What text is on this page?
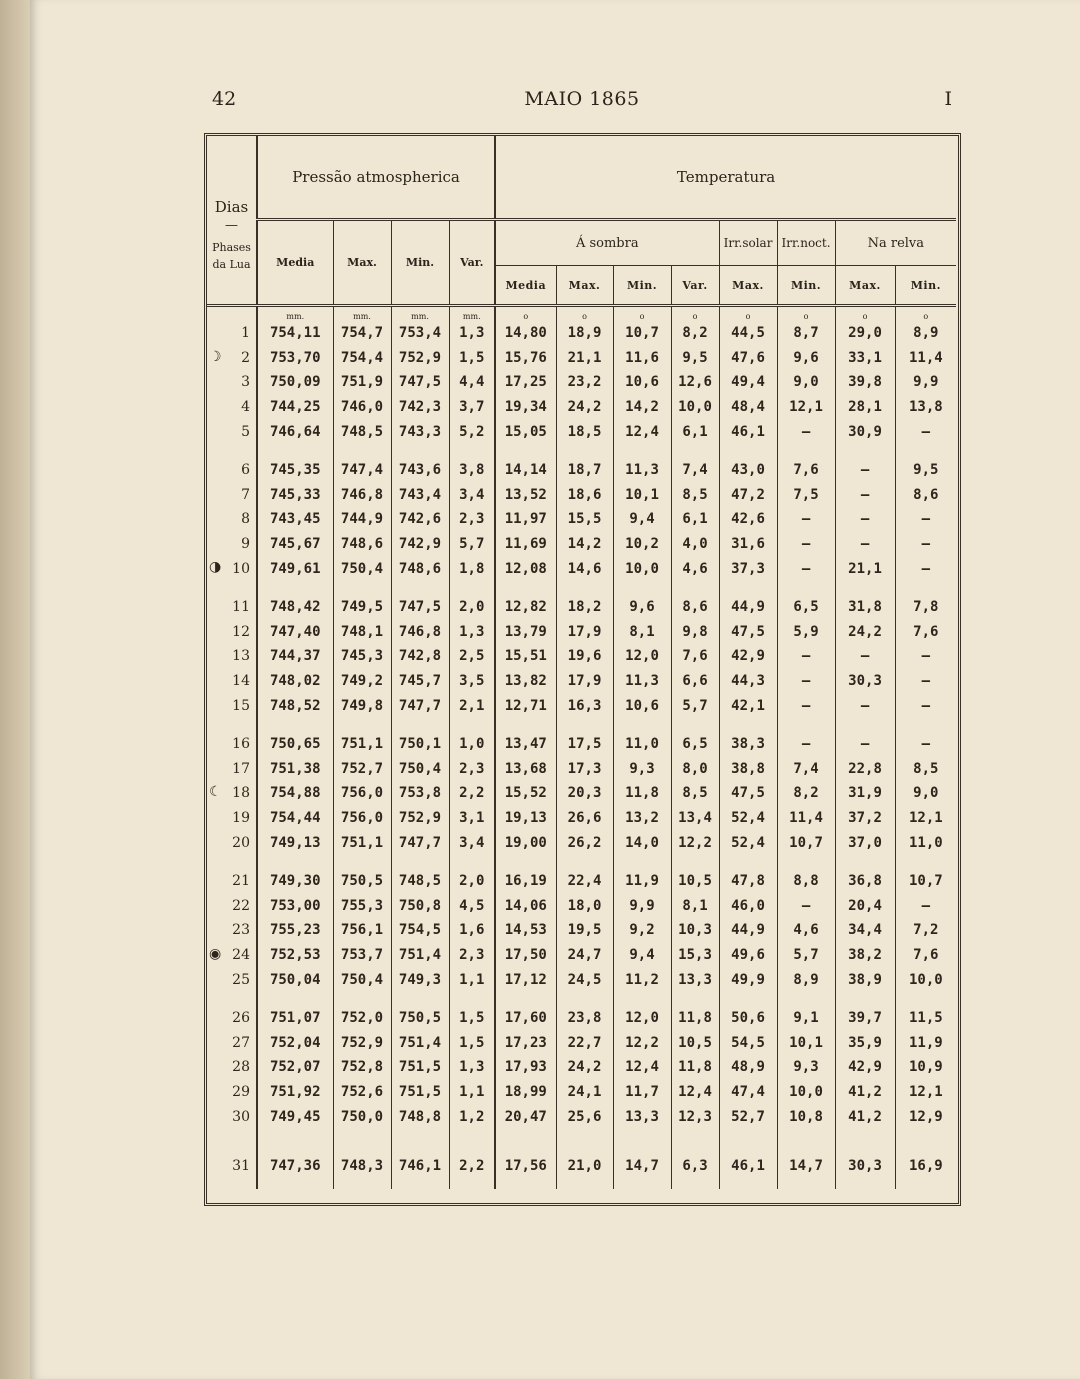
42	MAIO 1865	I
Dias
—
Phases da Lua	Pressão atmospherica				Temperatura							
	Media	Max.	Min.	Var.	Á sombra				Irr.solar	Irr.noct.	Na relva	
					Media	Max.	Min.	Var.	Max.	Min.	Max.	Min.
	mm.	mm.	mm.	mm.	o	o	o	o	o	o	o	o
1	754,11	754,7	753,4	1,3	14,80	18,9	10,7	8,2	44,5	8,7	29,0	8,9

☽ 2	753,70	754,4	752,9	1,5	15,76	21,1	11,6	9,5	47,6	9,6	33,1	11,4
3	750,09	751,9	747,5	4,4	17,25	23,2	10,6	12,6	49,4	9,0	39,8	9,9
4	744,25	746,0	742,3	3,7	19,34	24,2	14,2	10,0	48,4	12,1	28,1	13,8
5	746,64	748,5	743,3	5,2	15,05	18,5	12,4	6,1	46,1	—	30,9	—

6	745,35	747,4	743,6	3,8	14,14	18,7	11,3	7,4	43,0	7,6	—	9,5
7	745,33	746,8	743,4	3,4	13,52	18,6	10,1	8,5	47,2	7,5	—	8,6
8	743,45	744,9	742,6	2,3	11,97	15,5	9,4	6,1	42,6	—	—	—
9	745,67	748,6	742,9	5,7	11,69	14,2	10,2	4,0	31,6	—	—	—

◑ 10	749,61	750,4	748,6	1,8	12,08	14,6	10,0	4,6	37,3	—	21,1	—

11	748,42	749,5	747,5	2,0	12,82	18,2	9,6	8,6	44,9	6,5	31,8	7,8
12	747,40	748,1	746,8	1,3	13,79	17,9	8,1	9,8	47,5	5,9	24,2	7,6
13	744,37	745,3	742,8	2,5	15,51	19,6	12,0	7,6	42,9	—	—	—
14	748,02	749,2	745,7	3,5	13,82	17,9	11,3	6,6	44,3	—	30,3	—
15	748,52	749,8	747,7	2,1	12,71	16,3	10,6	5,7	42,1	—	—	—

16	750,65	751,1	750,1	1,0	13,47	17,5	11,0	6,5	38,3	—	—	—
17	751,38	752,7	750,4	2,3	13,68	17,3	9,3	8,0	38,8	7,4	22,8	8,5

☾ 18	754,88	756,0	753,8	2,2	15,52	20,3	11,8	8,5	47,5	8,2	31,9	9,0
19	754,44	756,0	752,9	3,1	19,13	26,6	13,2	13,4	52,4	11,4	37,2	12,1
20	749,13	751,1	747,7	3,4	19,00	26,2	14,0	12,2	52,4	10,7	37,0	11,0

21	749,30	750,5	748,5	2,0	16,19	22,4	11,9	10,5	47,8	8,8	36,8	10,7
22	753,00	755,3	750,8	4,5	14,06	18,0	9,9	8,1	46,0	—	20,4	—
23	755,23	756,1	754,5	1,6	14,53	19,5	9,2	10,3	44,9	4,6	34,4	7,2

◉ 24	752,53	753,7	751,4	2,3	17,50	24,7	9,4	15,3	49,6	5,7	38,2	7,6
25	750,04	750,4	749,3	1,1	17,12	24,5	11,2	13,3	49,9	8,9	38,9	10,0

26	751,07	752,0	750,5	1,5	17,60	23,8	12,0	11,8	50,6	9,1	39,7	11,5
27	752,04	752,9	751,4	1,5	17,23	22,7	12,2	10,5	54,5	10,1	35,9	11,9
28	752,07	752,8	751,5	1,3	17,93	24,2	12,4	11,8	48,9	9,3	42,9	10,9
29	751,92	752,6	751,5	1,1	18,99	24,1	11,7	12,4	47,4	10,0	41,2	12,1
30	749,45	750,0	748,8	1,2	20,47	25,6	13,3	12,3	52,7	10,8	41,2	12,9

31	747,36	748,3	746,1	2,2	17,56	21,0	14,7	6,3	46,1	14,7	30,3	16,9
